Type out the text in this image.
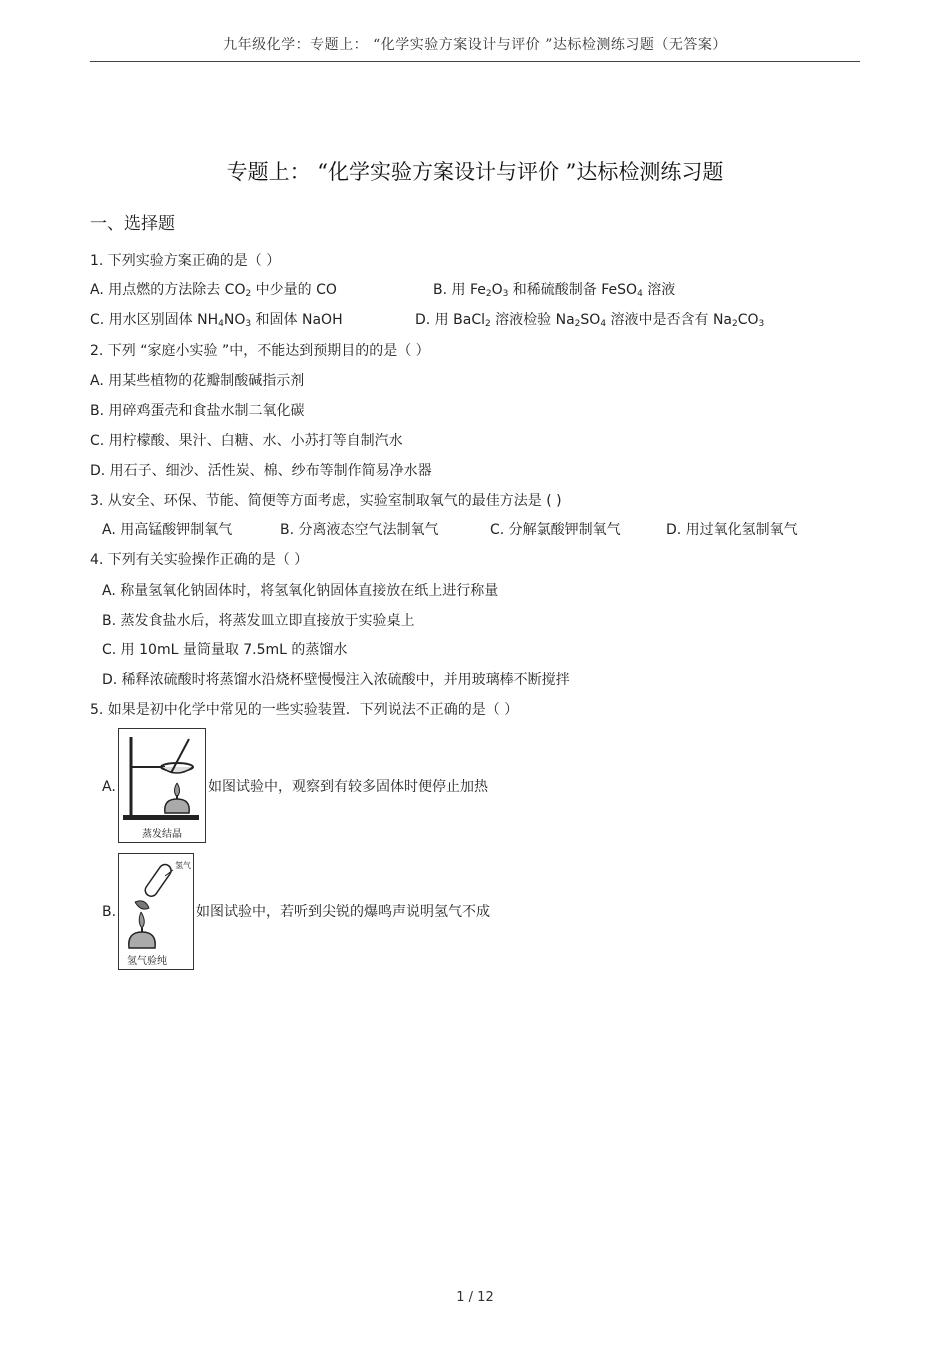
九年级化学：专题上： “化学实验方案设计与评价 ”达标检测练习题（无答案）
专题上： “化学实验方案设计与评价 ”达标检测练习题
一、选择题
1. 下列实验方案正确的是（ ）
A. 用点燃的方法除去 $CO_2$ 中少量的 CO	B. 用 $Fe_2O_3$ 和稀硫酸制备 FeSO$_4$ 溶液
C. 用水区别固体 $NH_4NO_3$ 和固体 NaOH	D. 用 BaCl$_2$ 溶液检验 $Na_2SO_4$ 溶液中是否含有 $Na_2CO_3$
2. 下列 “家庭小实验 ”中，不能达到预期目的的是（ ）
A. 用某些植物的花瓣制酸碱指示剂
B. 用碎鸡蛋壳和食盐水制二氧化碳
C. 用柠檬酸、果汁、白糖、水、小苏打等自制汽水
D. 用石子、细沙、活性炭、棉、纱布等制作简易净水器
3. 从安全、环保、节能、简便等方面考虑，实验室制取氧气的最佳方法是 ( )
A. 用高锰酸钾制氧气	B. 分离液态空气法制氧气	C. 分解氯酸钾制氧气	D. 用过氧化氢制氧气
4. 下列有关实验操作正确的是（ ）
A. 称量氢氧化钠固体时，将氢氧化钠固体直接放在纸上进行称量
B. 蒸发食盐水后，将蒸发皿立即直接放于实验桌上
C. 用 10mL 量筒量取 7.5mL 的蒸馏水
D. 稀释浓硫酸时将蒸馏水沿烧杯壁慢慢注入浓硫酸中，并用玻璃棒不断搅拌
5. 如果是初中化学中常见的一些实验装置．下列说法不正确的是（ ）
A.
蒸发结晶
如图试验中，观察到有较多固体时便停止加热
B.
氢气
氢气验纯
如图试验中，若听到尖锐的爆鸣声说明氢气不成
1 / 12
